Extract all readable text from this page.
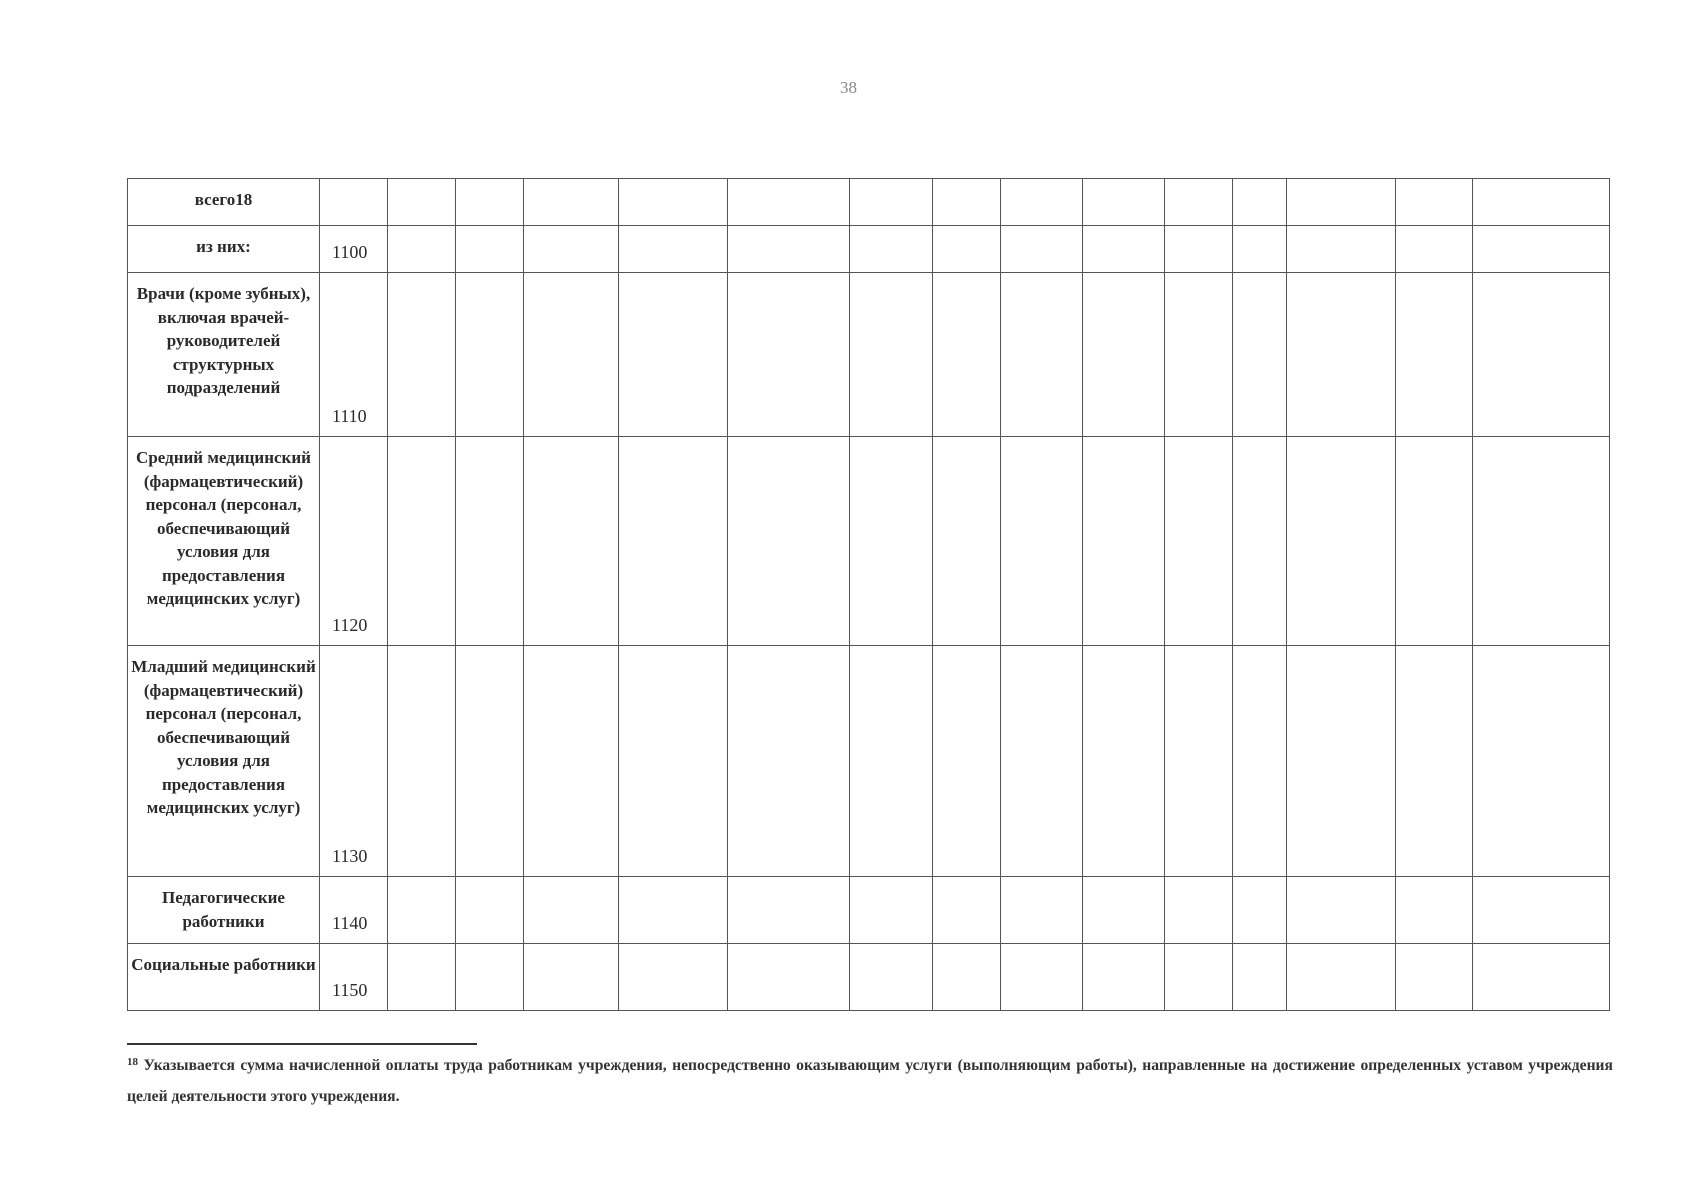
38
всего18															
из них:	1100														
Врачи (кроме зубных), включая врачей-руководителей структурных подразделений	1110														
Средний медицинский (фармацевтический) персонал (персонал, обеспечивающий условия для предоставления медицинских услуг)	1120														
Младший медицинский (фармацевтический) персонал (персонал, обеспечивающий условия для предоставления медицинских услуг)	1130														
Педагогические работники	1140														
Социальные работники	1150														
$^{18}$ Указывается сумма начисленной оплаты труда работникам учреждения, непосредственно оказывающим услуги (выполняющим работы), направленные на достижение определенных уставом учреждения целей деятельности этого учреждения.
